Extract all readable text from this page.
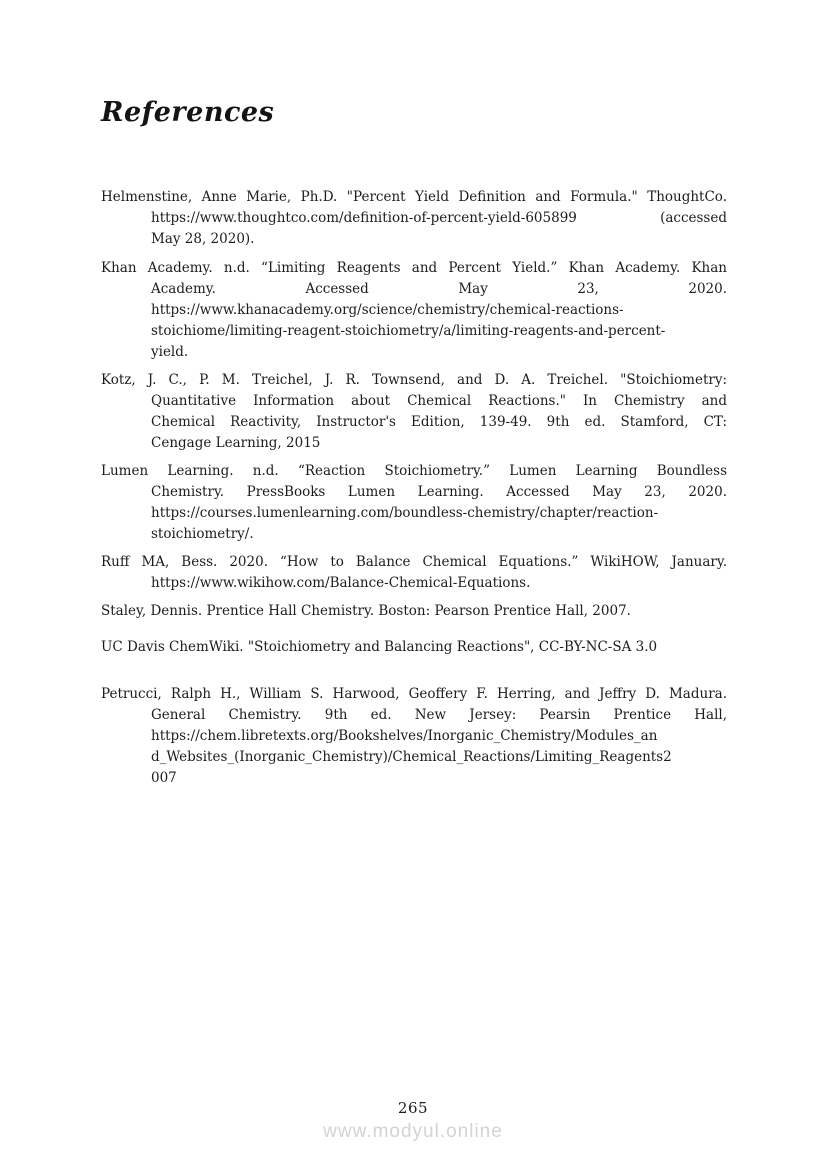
References

Helmenstine, Anne Marie, Ph.D. "Percent Yield Definition and Formula." ThoughtCo.
https://www.thoughtco.com/definition-of-percent-yield-605899 (accessed
May 28, 2020).

Khan Academy. n.d. “Limiting Reagents and Percent Yield.” Khan Academy. Khan
Academy. Accessed May 23, 2020.
https://www.khanacademy.org/science/chemistry/chemical-reactions-
stoichiome/limiting-reagent-stoichiometry/a/limiting-reagents-and-percent-
yield.

Kotz, J. C., P. M. Treichel, J. R. Townsend, and D. A. Treichel. "Stoichiometry:
Quantitative Information about Chemical Reactions." In Chemistry and
Chemical Reactivity, Instructor's Edition, 139-49. 9th ed. Stamford, CT:
Cengage Learning, 2015

Lumen Learning. n.d. “Reaction Stoichiometry.” Lumen Learning Boundless
Chemistry. PressBooks Lumen Learning. Accessed May 23, 2020.
https://courses.lumenlearning.com/boundless-chemistry/chapter/reaction-
stoichiometry/.

Ruff MA, Bess. 2020. “How to Balance Chemical Equations.” WikiHOW, January.
https://www.wikihow.com/Balance-Chemical-Equations.

Staley, Dennis. Prentice Hall Chemistry. Boston: Pearson Prentice Hall, 2007.

UC Davis ChemWiki. "Stoichiometry and Balancing Reactions", CC-BY-NC-SA 3.0

Petrucci, Ralph H., William S. Harwood, Geoffery F. Herring, and Jeffry D. Madura.
General Chemistry. 9th ed. New Jersey: Pearsin Prentice Hall,
https://chem.libretexts.org/Bookshelves/Inorganic_Chemistry/Modules_an
d_Websites_(Inorganic_Chemistry)/Chemical_Reactions/Limiting_Reagents2
007

265
www.modyul.online
